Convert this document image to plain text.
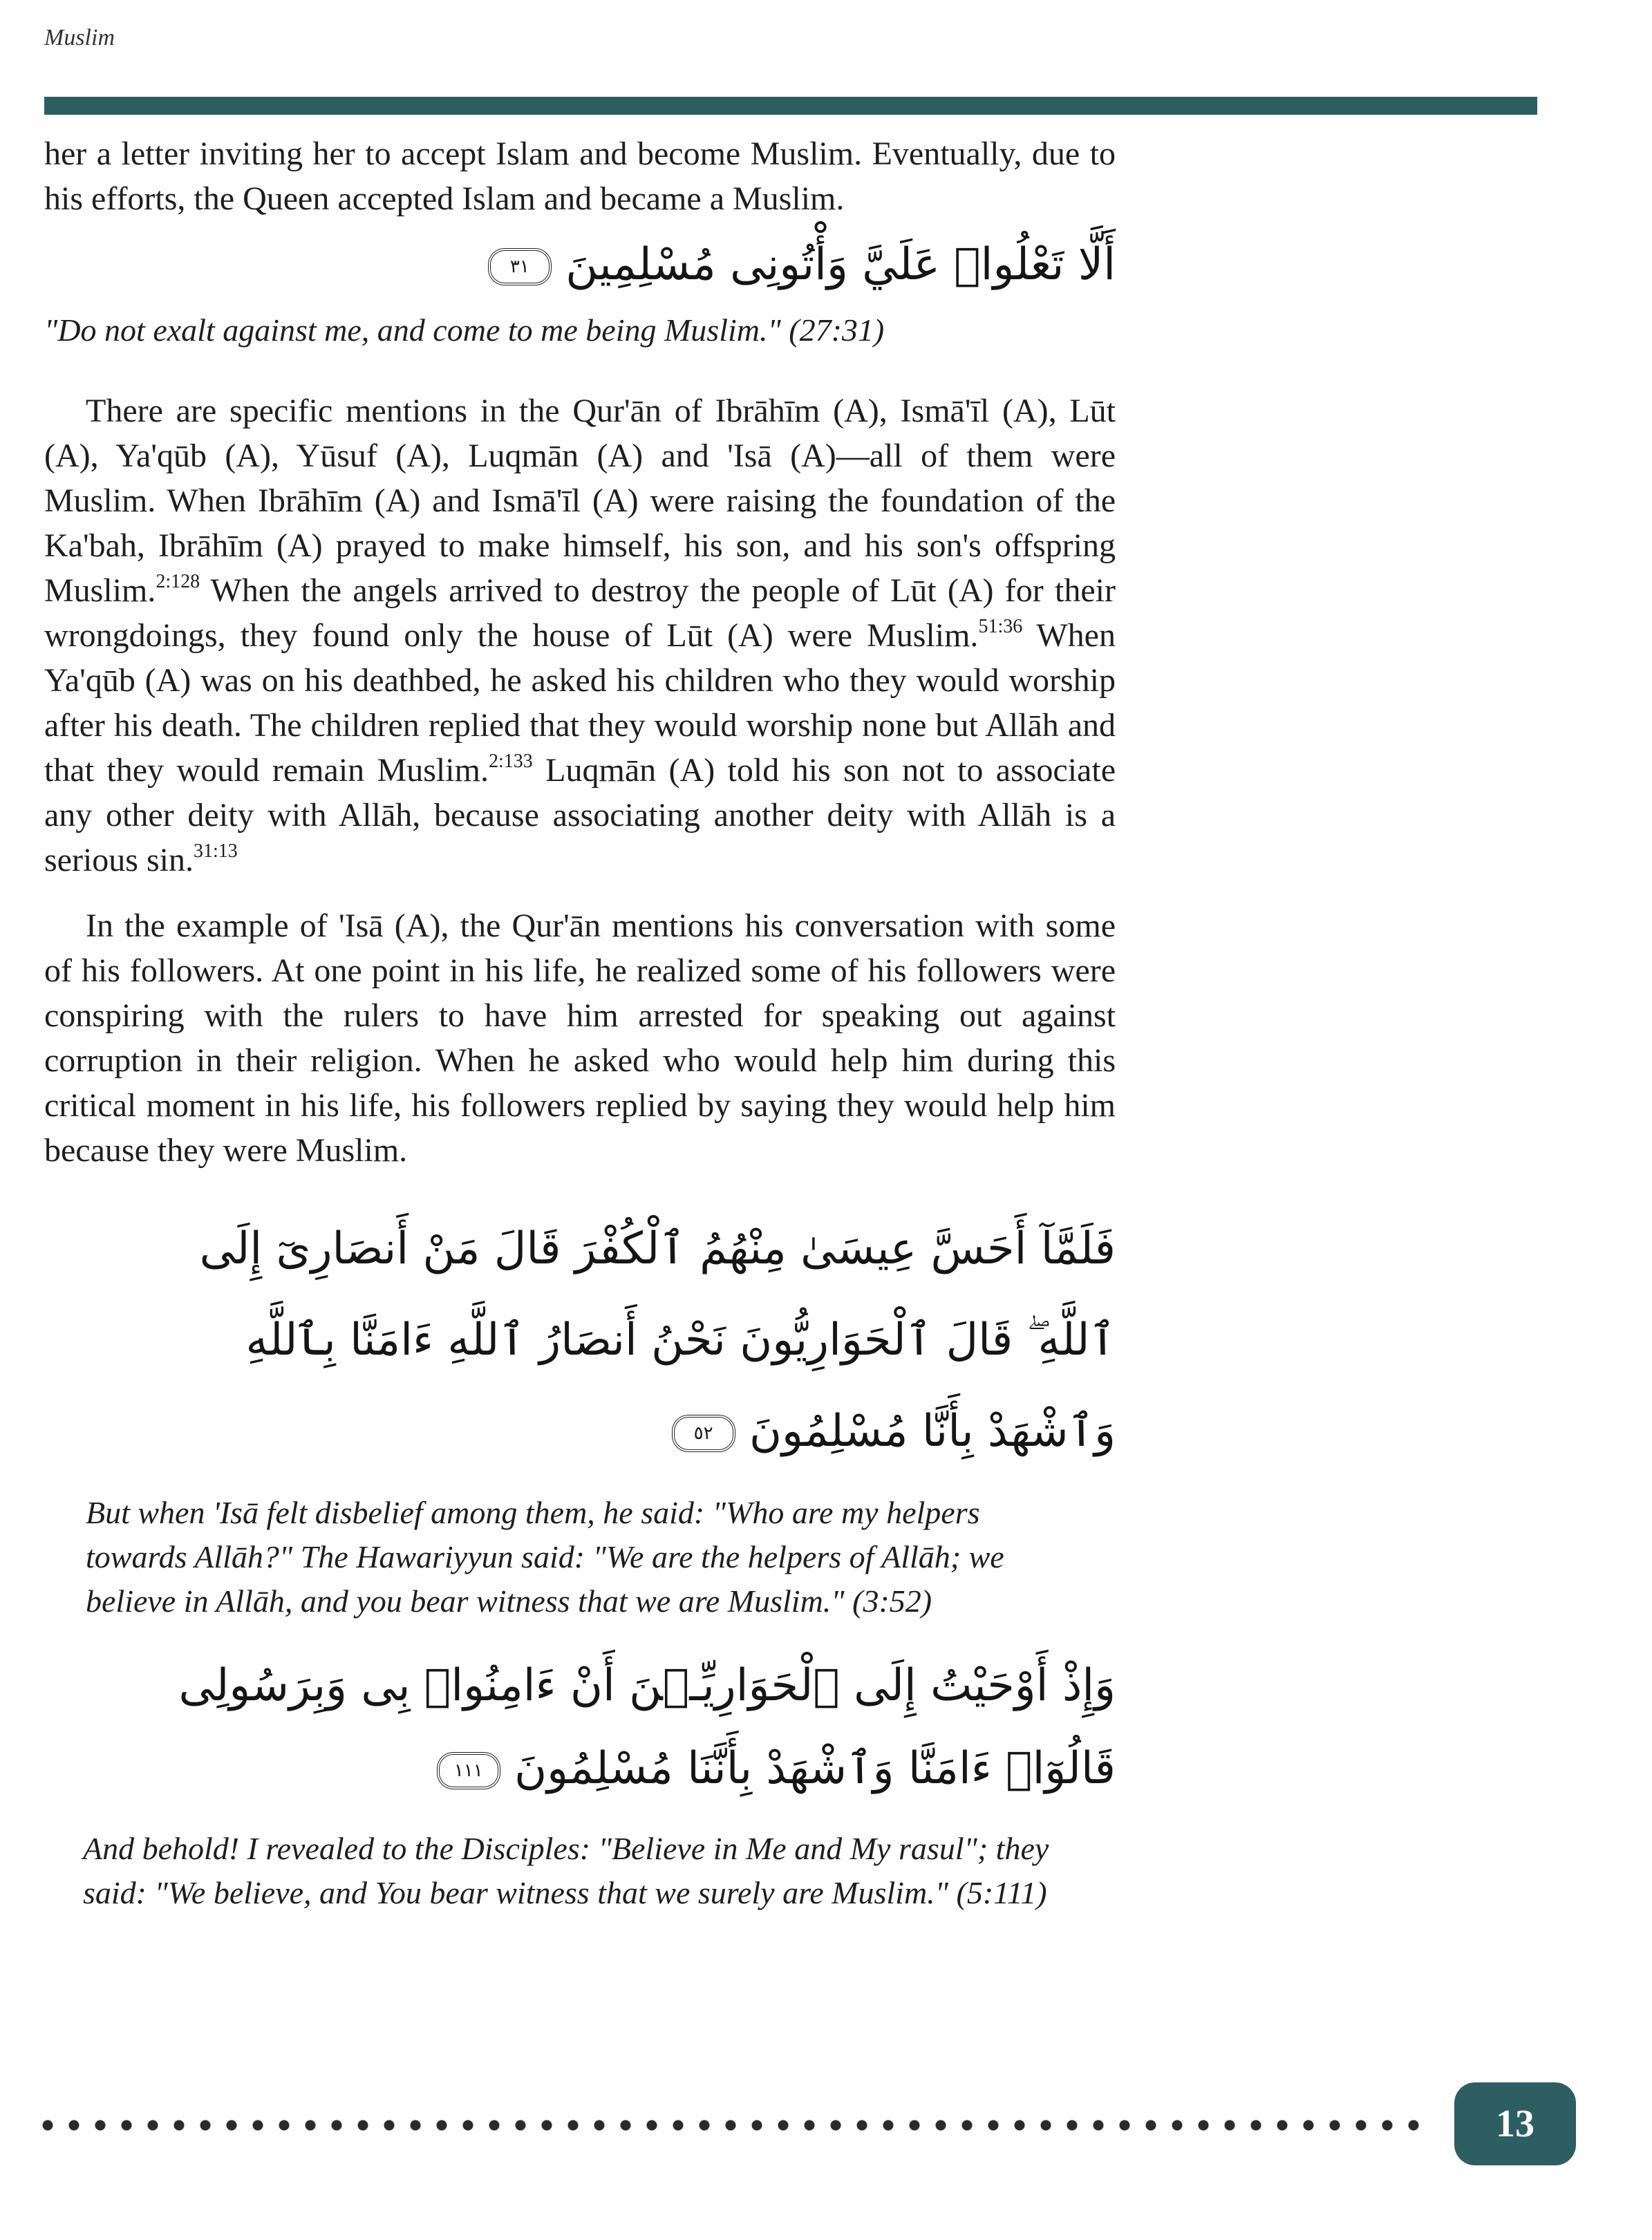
Muslim

her a letter inviting her to accept Islam and become Muslim. Eventually, due to his efforts, the Queen accepted Islam and became a Muslim.

أَلَّا تَعْلُوا۟ عَلَيَّ وَأْتُونِى مُسْلِمِينَ ٣١

"Do not exalt against me, and come to me being Muslim." (27:31)

There are specific mentions in the Qur'ān of Ibrāhīm (A), Ismā'īl (A), Lūt (A), Ya'qūb (A), Yūsuf (A), Luqmān (A) and 'Isā (A)—all of them were Muslim. When Ibrāhīm (A) and Ismā'īl (A) were raising the foundation of the Ka'bah, Ibrāhīm (A) prayed to make himself, his son, and his son's offspring Muslim.$^{2:128}$ When the angels arrived to destroy the people of Lūt (A) for their wrongdoings, they found only the house of Lūt (A) were Muslim.$^{51:36}$ When Ya'qūb (A) was on his deathbed, he asked his children who they would worship after his death. The children replied that they would worship none but Allāh and that they would remain Muslim.$^{2:133}$ Luqmān (A) told his son not to associate any other deity with Allāh, because associating another deity with Allāh is a serious sin.$^{31:13}$

In the example of 'Isā (A), the Qur'ān mentions his conversation with some of his followers. At one point in his life, he realized some of his followers were conspiring with the rulers to have him arrested for speaking out against corruption in their religion. When he asked who would help him during this critical moment in his life, his followers replied by saying they would help him because they were Muslim.

فَلَمَّآ أَحَسَّ عِيسَىٰ مِنْهُمُ ٱلْكُفْرَ قَالَ مَنْ أَنصَارِىٓ إِلَى
ٱللَّهِ ۖ قَالَ ٱلْحَوَارِيُّونَ نَحْنُ أَنصَارُ ٱللَّهِ ءَامَنَّا بِٱللَّهِ
وَٱشْهَدْ بِأَنَّا مُسْلِمُونَ ٥٢

But when 'Isā felt disbelief among them, he said: "Who are my helpers
towards Allāh?" The Hawariyyun said: "We are the helpers of Allāh; we
believe in Allāh, and you bear witness that we are Muslim." (3:52)

وَإِذْ أَوْحَيْتُ إِلَى ٱلْحَوَارِيِّـۧنَ أَنْ ءَامِنُوا۟ بِى وَبِرَسُولِى
قَالُوٓا۟ ءَامَنَّا وَٱشْهَدْ بِأَنَّنَا مُسْلِمُونَ ١١١

And behold! I revealed to the Disciples: "Believe in Me and My rasul"; they
said: "We believe, and You bear witness that we surely are Muslim." (5:111)

13
